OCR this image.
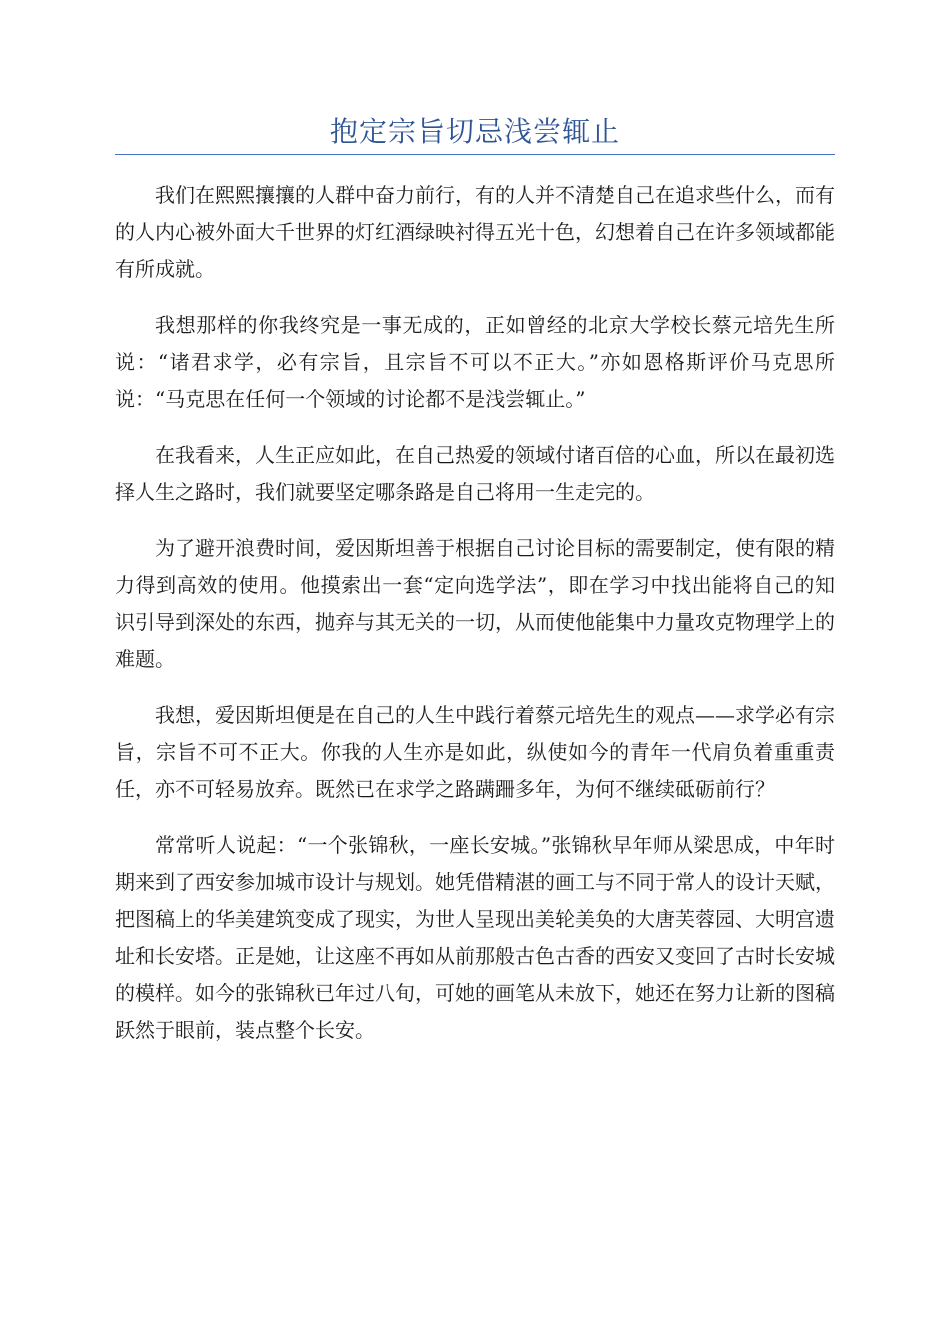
抱定宗旨切忌浅尝辄止

我们在熙熙攘攘的人群中奋力前行，有的人并不清楚自己在追求些什么，而有的人内心被外面大千世界的灯红酒绿映衬得五光十色，幻想着自己在许多领域都能有所成就。

我想那样的你我终究是一事无成的，正如曾经的北京大学校长蔡元培先生所说：“诸君求学，必有宗旨，且宗旨不可以不正大。”亦如恩格斯评价马克思所说：“马克思在任何一个领域的讨论都不是浅尝辄止。”

在我看来，人生正应如此，在自己热爱的领域付诸百倍的心血，所以在最初选择人生之路时，我们就要坚定哪条路是自己将用一生走完的。

为了避开浪费时间，爱因斯坦善于根据自己讨论目标的需要制定，使有限的精力得到高效的使用。他摸索出一套“定向选学法”，即在学习中找出能将自己的知识引导到深处的东西，抛弃与其无关的一切，从而使他能集中力量攻克物理学上的难题。

我想，爱因斯坦便是在自己的人生中践行着蔡元培先生的观点——求学必有宗旨，宗旨不可不正大。你我的人生亦是如此，纵使如今的青年一代肩负着重重责任，亦不可轻易放弃。既然已在求学之路蹒跚多年，为何不继续砥砺前行？

常常听人说起：“一个张锦秋，一座长安城。”张锦秋早年师从梁思成，中年时期来到了西安参加城市设计与规划。她凭借精湛的画工与不同于常人的设计天赋，把图稿上的华美建筑变成了现实，为世人呈现出美轮美奂的大唐芙蓉园、大明宫遗址和长安塔。正是她，让这座不再如从前那般古色古香的西安又变回了古时长安城的模样。如今的张锦秋已年过八旬，可她的画笔从未放下，她还在努力让新的图稿跃然于眼前，装点整个长安。
